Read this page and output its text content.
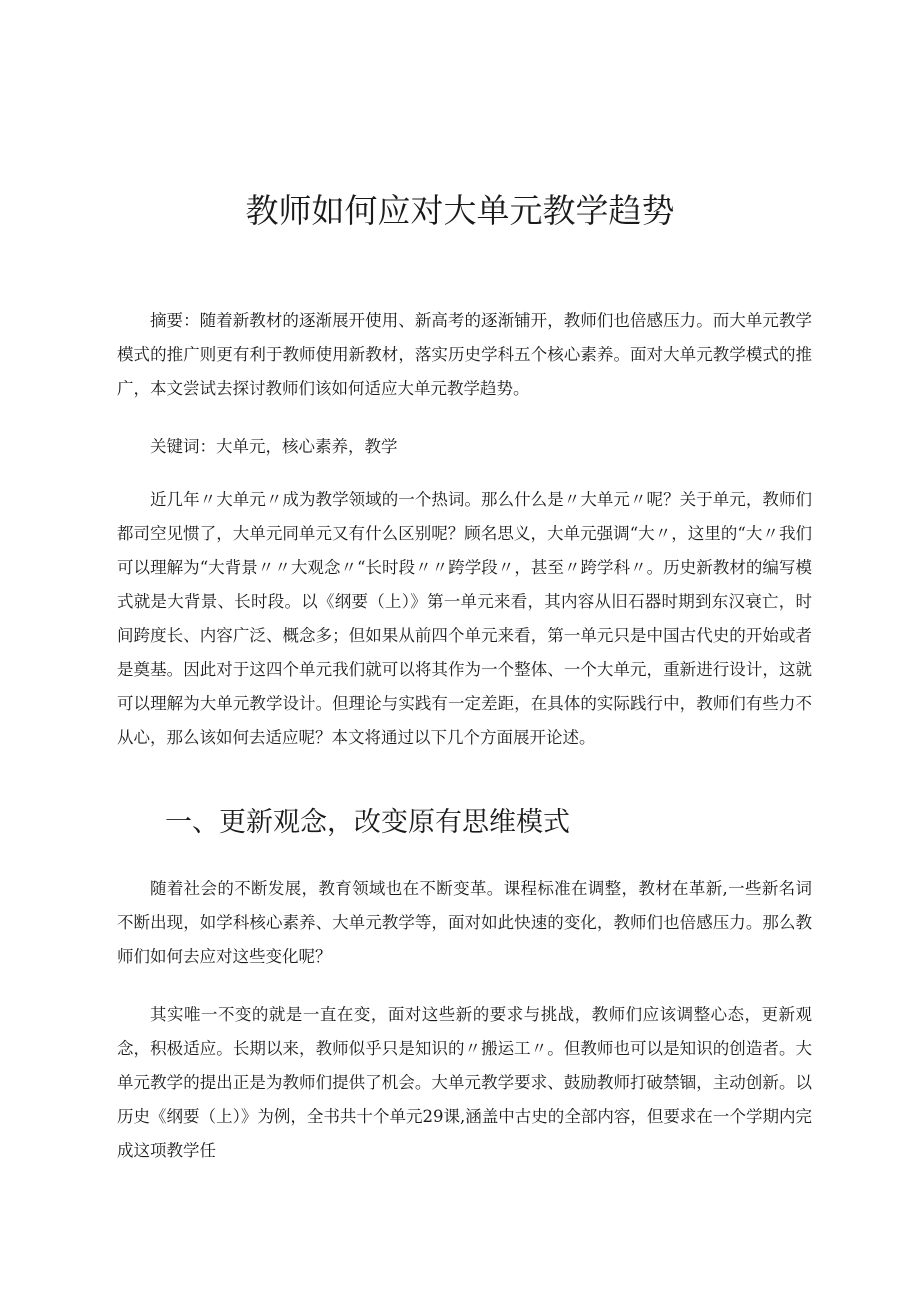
教师如何应对大单元教学趋势

摘要：随着新教材的逐渐展开使用、新高考的逐渐铺开，教师们也倍感压力。而大单元教学模式的推广则更有利于教师使用新教材，落实历史学科五个核心素养。面对大单元教学模式的推广，本文尝试去探讨教师们该如何适应大单元教学趋势。

关键词：大单元，核心素养，教学

近几年〃大单元〃成为教学领域的一个热词。那么什么是〃大单元〃呢？关于单元，教师们都司空见惯了，大单元同单元又有什么区别呢？顾名思义，大单元强调“大〃，这里的“大〃我们可以理解为“大背景〃〃大观念〃“长时段〃〃跨学段〃，甚至〃跨学科〃。历史新教材的编写模式就是大背景、长时段。以《纲要（上）》第一单元来看，其内容从旧石器时期到东汉衰亡，时间跨度长、内容广泛、概念多；但如果从前四个单元来看，第一单元只是中国古代史的开始或者是奠基。因此对于这四个单元我们就可以将其作为一个整体、一个大单元，重新进行设计，这就可以理解为大单元教学设计。但理论与实践有一定差距，在具体的实际践行中，教师们有些力不从心，那么该如何去适应呢？本文将通过以下几个方面展开论述。

一、更新观念，改变原有思维模式

随着社会的不断发展，教育领域也在不断变革。课程标准在调整，教材在革新,一些新名词不断出现，如学科核心素养、大单元教学等，面对如此快速的变化，教师们也倍感压力。那么教师们如何去应对这些变化呢？

其实唯一不变的就是一直在变，面对这些新的要求与挑战，教师们应该调整心态，更新观念，积极适应。长期以来，教师似乎只是知识的〃搬运工〃。但教师也可以是知识的创造者。大单元教学的提出正是为教师们提供了机会。大单元教学要求、鼓励教师打破禁锢，主动创新。以历史《纲要（上）》为例，全书共十个单元29课,涵盖中古史的全部内容，但要求在一个学期内完成这项教学任
